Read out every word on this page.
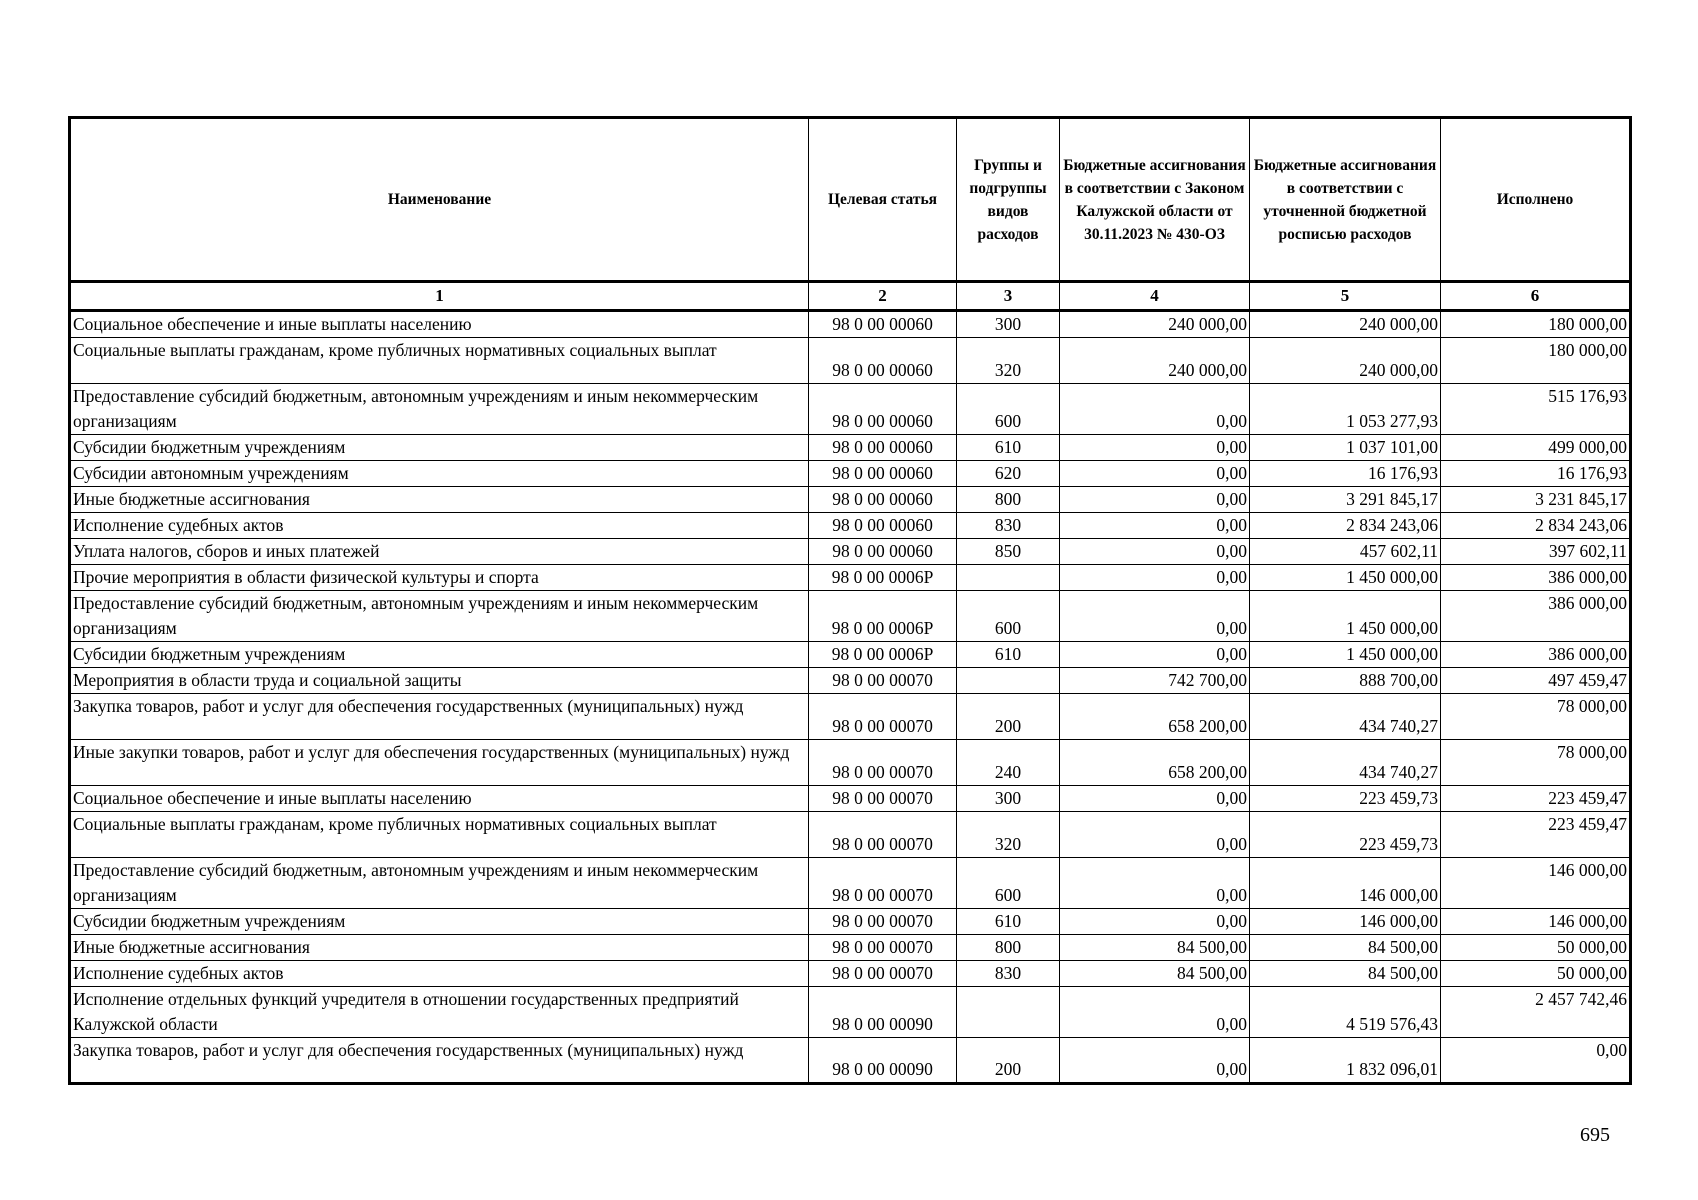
Наименование	Целевая статья	Группы и подгруппы видов расходов	Бюджетные ассигнования в соответствии с Законом Калужской области от 30.11.2023 № 430-ОЗ	Бюджетные ассигнования в соответствии с уточненной бюджетной росписью расходов	Исполнено
1	2	3	4	5	6
Социальное обеспечение и иные выплаты населению	98 0 00 00060	300	240 000,00	240 000,00	180 000,00
Социальные выплаты гражданам, кроме публичных нормативных социальных выплат	98 0 00 00060	320	240 000,00	240 000,00	180 000,00
Предоставление субсидий бюджетным, автономным учреждениям и иным некоммерческим организациям	98 0 00 00060	600	0,00	1 053 277,93	515 176,93
Субсидии бюджетным учреждениям	98 0 00 00060	610	0,00	1 037 101,00	499 000,00
Субсидии автономным учреждениям	98 0 00 00060	620	0,00	16 176,93	16 176,93
Иные бюджетные ассигнования	98 0 00 00060	800	0,00	3 291 845,17	3 231 845,17
Исполнение судебных актов	98 0 00 00060	830	0,00	2 834 243,06	2 834 243,06
Уплата налогов, сборов и иных платежей	98 0 00 00060	850	0,00	457 602,11	397 602,11
Прочие мероприятия в области физической культуры и спорта	98 0 00 0006Р		0,00	1 450 000,00	386 000,00
Предоставление субсидий бюджетным, автономным учреждениям и иным некоммерческим организациям	98 0 00 0006Р	600	0,00	1 450 000,00	386 000,00
Субсидии бюджетным учреждениям	98 0 00 0006Р	610	0,00	1 450 000,00	386 000,00
Мероприятия в области труда и социальной защиты	98 0 00 00070		742 700,00	888 700,00	497 459,47
Закупка товаров, работ и услуг для обеспечения государственных (муниципальных) нужд	98 0 00 00070	200	658 200,00	434 740,27	78 000,00
Иные закупки товаров, работ и услуг для обеспечения государственных (муниципальных) нужд	98 0 00 00070	240	658 200,00	434 740,27	78 000,00
Социальное обеспечение и иные выплаты населению	98 0 00 00070	300	0,00	223 459,73	223 459,47
Социальные выплаты гражданам, кроме публичных нормативных социальных выплат	98 0 00 00070	320	0,00	223 459,73	223 459,47
Предоставление субсидий бюджетным, автономным учреждениям и иным некоммерческим организациям	98 0 00 00070	600	0,00	146 000,00	146 000,00
Субсидии бюджетным учреждениям	98 0 00 00070	610	0,00	146 000,00	146 000,00
Иные бюджетные ассигнования	98 0 00 00070	800	84 500,00	84 500,00	50 000,00
Исполнение судебных актов	98 0 00 00070	830	84 500,00	84 500,00	50 000,00
Исполнение отдельных функций учредителя в отношении государственных предприятий Калужской области	98 0 00 00090		0,00	4 519 576,43	2 457 742,46
Закупка товаров, работ и услуг для обеспечения государственных (муниципальных) нужд	98 0 00 00090	200	0,00	1 832 096,01	0,00
695
